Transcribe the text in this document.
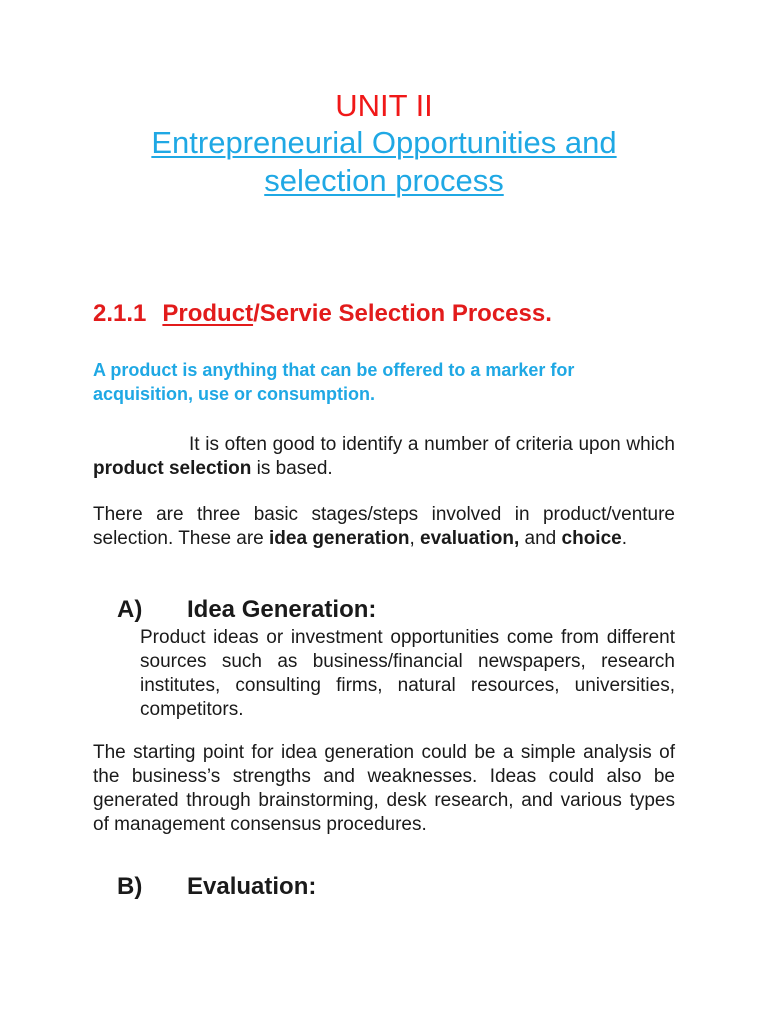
UNIT II
Entrepreneurial Opportunities and
selection process
2.1.1 Product/Servie Selection Process.
A product is anything that can be offered to a marker for acquisition, use or consumption.
It is often good to identify a number of criteria upon which product selection is based.
There are three basic stages/steps involved in product/venture selection. These are idea generation, evaluation, and choice.
A) Idea Generation:
Product ideas or investment opportunities come from different sources such as business/financial newspapers, research institutes, consulting firms, natural resources, universities, competitors.
The starting point for idea generation could be a simple analysis of the business’s strengths and weaknesses. Ideas could also be generated through brainstorming, desk research, and various types of management consensus procedures.
B) Evaluation:
